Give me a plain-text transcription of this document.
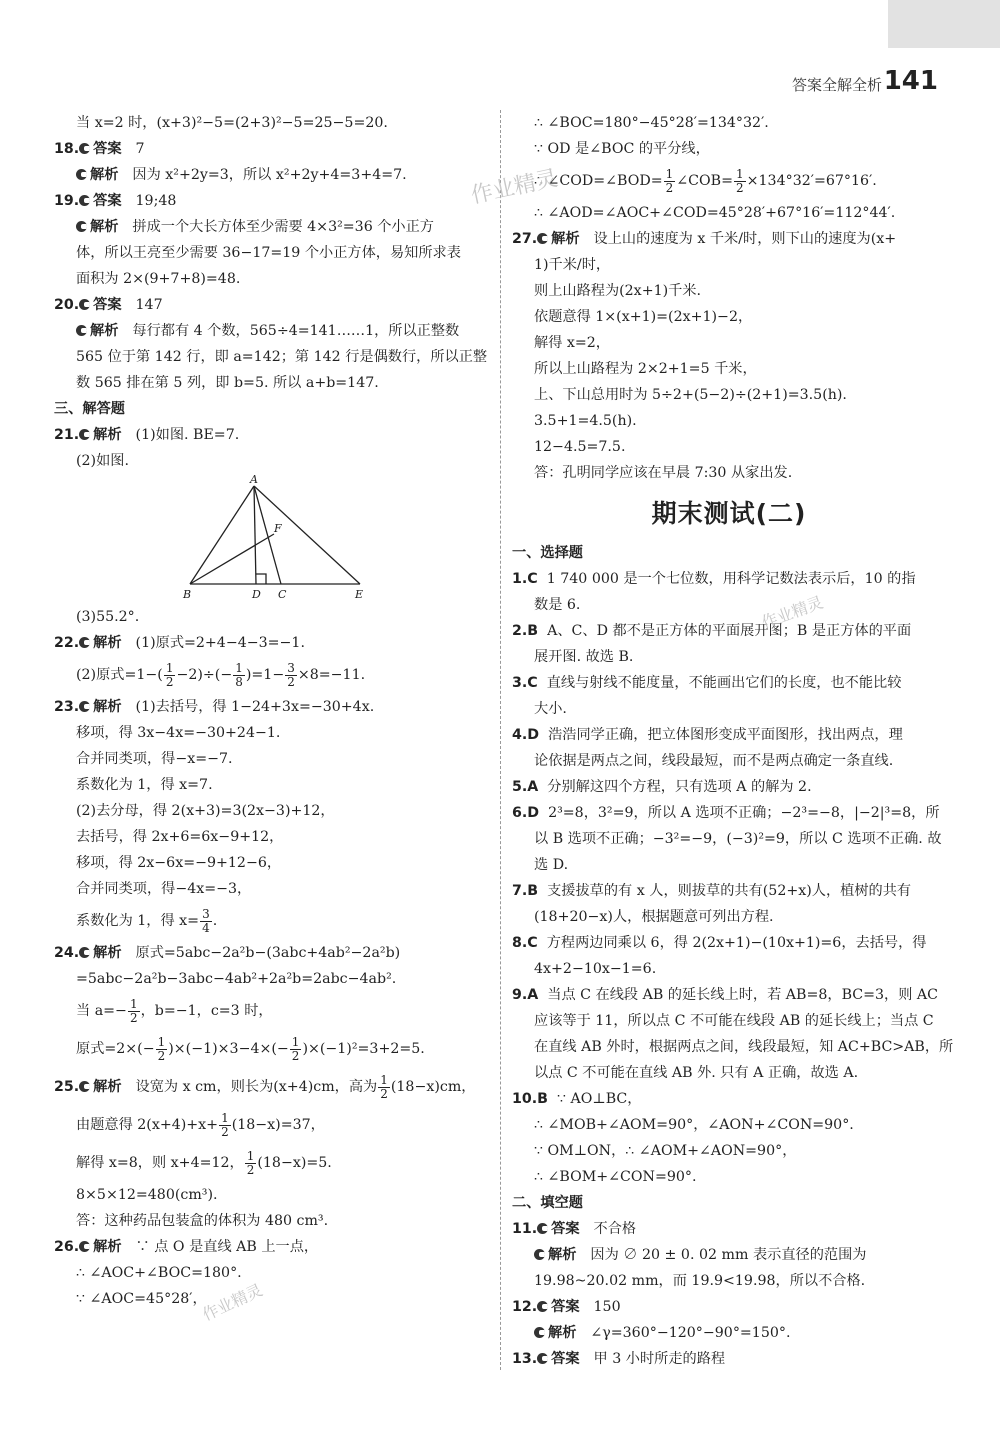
答案全解全析 141
当 x=2 时，(x+3)²−5=(2+3)²−5=25−5=20.
18. 答案 7
解析 因为 x²+2y=3，所以 x²+2y+4=3+4=7.
19. 答案 19;48
解析 拼成一个大长方体至少需要 4×3²=36 个小正方
体，所以王亮至少需要 36−17=19 个小正方体，易知所求表
面积为 2×(9+7+8)=48.
20. 答案 147
解析 每行都有 4 个数，565÷4=141……1，所以正整数
565 位于第 142 行，即 a=142；第 142 行是偶数行，所以正整
数 565 排在第 5 列，即 b=5. 所以 a+b=147.
三、解答题
21. 解析 (1)如图. BE=7.
(2)如图.
A
B	D C	E
F
(3)55.2°.
22. 解析 (1)原式=2+4−4−3=−1.
(2)原式$=1-( \frac{1}{2} -2)\div(- \frac{1}{8} )=1- \frac{3}{2} \times 8=-11$.
23. 解析 (1)去括号，得 1−24+3x=−30+4x.
移项，得 3x−4x=−30+24−1.
合并同类项，得−x=−7.
系数化为 1，得 x=7.
(2)去分母，得 2(x+3)=3(2x−3)+12，
去括号，得 2x+6=6x−9+12，
移项，得 2x−6x=−9+12−6，
合并同类项，得−4x=−3，
系数化为 1，得 $x= \frac{3}{4}$ .
24. 解析 原式=5abc−2a²b−(3abc+4ab²−2a²b)
=5abc−2a²b−3abc−4ab²+2a²b=2abc−4ab².
当 $a=- \frac{1}{2}$ ，b=−1，c=3 时，
原式$=2\times(- \frac{1}{2} )\times(-1)\times 3-4\times(- \frac{1}{2} )\times(-1)^2=3+2=5$.
25. 解析 设宽为 x cm，则长为(x+4)cm，高为 $\frac{1}{2} (18-x)cm$，
由题意得 $2(x+4)+x+ \frac{1}{2} (18-x)=37$，
解得 x=8，则 x+4=12， $\frac{1}{2} (18-x)=5$.
8×5×12=480(cm³).
答：这种药品包装盒的体积为 480 cm³.
26. 解析 ∵ 点 O 是直线 AB 上一点，
∴ ∠AOC+∠BOC=180°.
∵ ∠AOC=45°28′，
∴ ∠BOC=180°−45°28′=134°32′.
∵ OD 是∠BOC 的平分线，
∴ ∠COD=∠BOD= $\frac{1}{2}$ ∠COB= $\frac{1}{2} \times 134^\circ 32'=67^\circ 16'$.
∴ ∠AOD=∠AOC+∠COD=45°28′+67°16′=112°44′.
27. 解析 设上山的速度为 x 千米/时，则下山的速度为(x+
1)千米/时，
则上山路程为(2x+1)千米.
依题意得 1×(x+1)=(2x+1)−2，
解得 x=2，
所以上山路程为 2×2+1=5 千米，
上、下山总用时为 5÷2+(5−2)÷(2+1)=3.5(h).
3.5+1=4.5(h).
12−4.5=7.5.
答：孔明同学应该在早晨 7:30 从家出发.
期末测试(二)
一、选择题
1.C 1 740 000 是一个七位数，用科学记数法表示后，10 的指
数是 6.
2.B A、C、D 都不是正方体的平面展开图；B 是正方体的平面
展开图. 故选 B.
3.C 直线与射线不能度量，不能画出它们的长度，也不能比较
大小.
4.D 浩浩同学正确，把立体图形变成平面图形，找出两点，理
论依据是两点之间，线段最短，而不是两点确定一条直线.
5.A 分别解这四个方程，只有选项 A 的解为 2.
6.D 2³=8，3²=9，所以 A 选项不正确；−2³=−8，|−2|³=8，所
以 B 选项不正确；−3²=−9，(−3)²=9，所以 C 选项不正确. 故
选 D.
7.B 支援拔草的有 x 人，则拔草的共有(52+x)人，植树的共有
(18+20−x)人，根据题意可列出方程.
8.C 方程两边同乘以 6，得 2(2x+1)−(10x+1)=6，去括号，得
4x+2−10x−1=6.
9.A 当点 C 在线段 AB 的延长线上时，若 AB=8，BC=3，则 AC
应该等于 11，所以点 C 不可能在线段 AB 的延长线上；当点 C
在直线 AB 外时，根据两点之间，线段最短，知 AC+BC>AB，所
以点 C 不可能在直线 AB 外. 只有 A 正确，故选 A.
10.B ∵ AO⊥BC，
∴ ∠MOB+∠AOM=90°，∠AON+∠CON=90°.
∵ OM⊥ON，∴ ∠AOM+∠AON=90°，
∴ ∠BOM+∠CON=90°.
二、填空题
11. 答案 不合格
解析 因为 ∅ 20 ± 0. 02 mm 表示直径的范围为
19.98~20.02 mm，而 19.9<19.98，所以不合格.
12. 答案 150
解析 ∠γ=360°−120°−90°=150°.
13. 答案 甲 3 小时所走的路程
作业精灵
作业精灵
作业精灵
